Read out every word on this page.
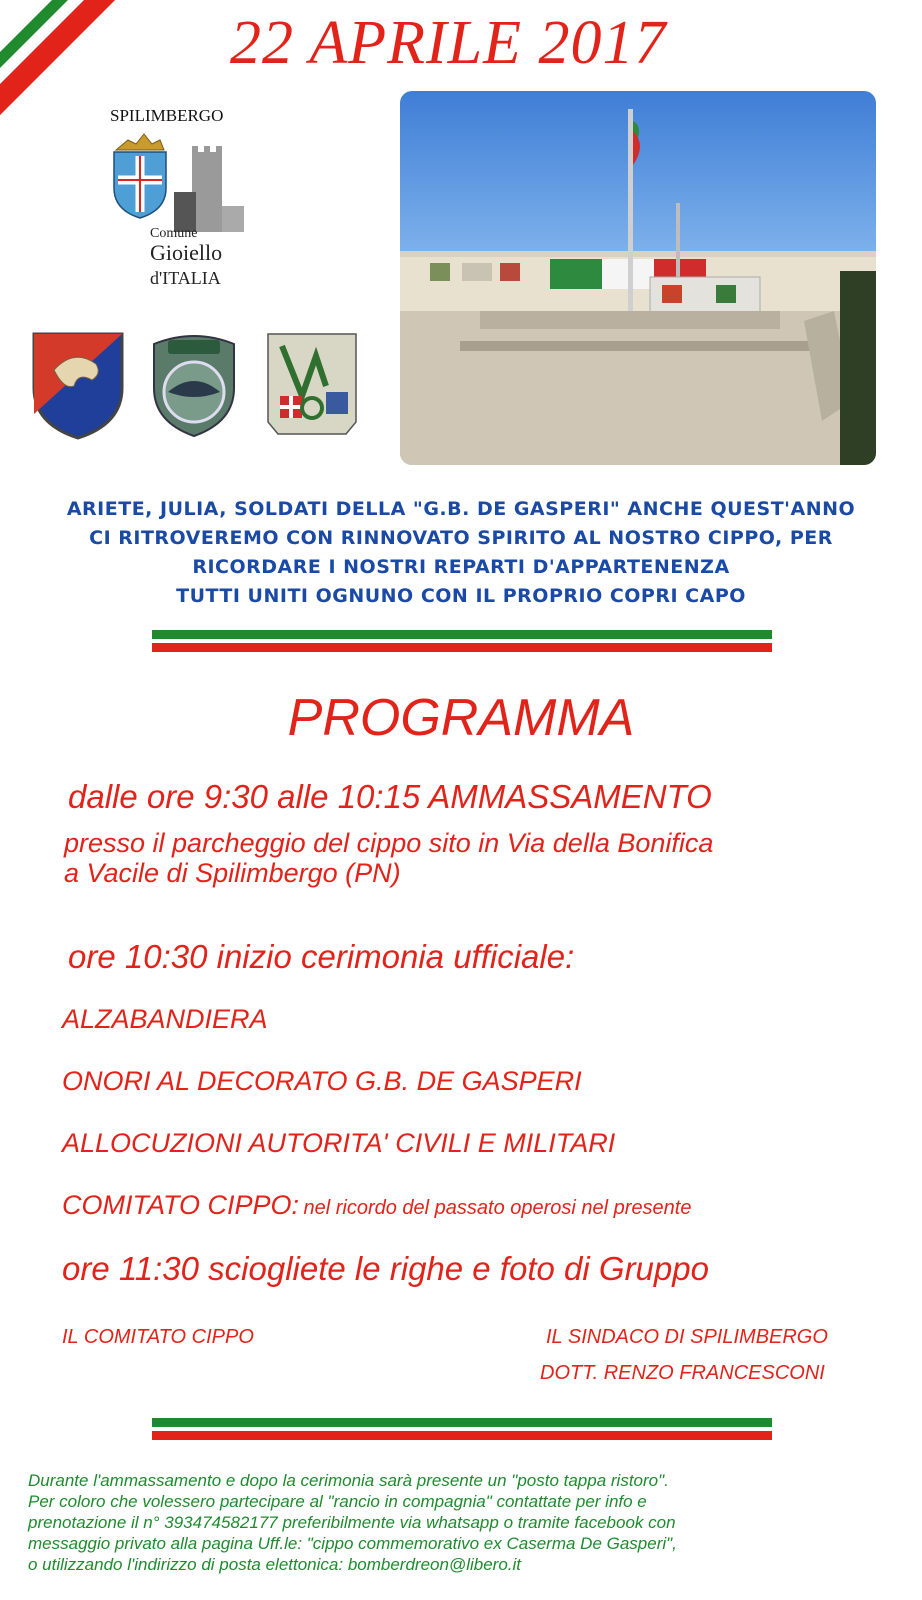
22 APRILE 2017
SPILIMBERGO
Comune
Gioiello
d'ITALIA
ARIETE, JULIA, SOLDATI DELLA "G.B. DE GASPERI" ANCHE QUEST'ANNO
CI RITROVEREMO CON RINNOVATO SPIRITO AL NOSTRO CIPPO, PER
RICORDARE I NOSTRI REPARTI D'APPARTENENZA
TUTTI UNITI OGNUNO CON IL PROPRIO COPRI CAPO
PROGRAMMA
dalle ore 9:30 alle 10:15 AMMASSAMENTO
presso il parcheggio del cippo sito in Via della Bonifica
a Vacile di Spilimbergo (PN)
ore 10:30 inizio cerimonia ufficiale:
ALZABANDIERA
ONORI AL DECORATO G.B. DE GASPERI
ALLOCUZIONI AUTORITA' CIVILI E MILITARI
COMITATO CIPPO: nel ricordo del passato operosi nel presente
ore 11:30 sciogliete le righe e foto di Gruppo
IL COMITATO CIPPO	IL SINDACO DI SPILIMBERGO
DOTT. RENZO FRANCESCONI
Durante l'ammassamento e dopo la cerimonia sarà presente un "posto tappa ristoro".
Per coloro che volessero partecipare al "rancio in compagnia" contattate per info e
prenotazione il n° 393474582177 preferibilmente via whatsapp o tramite facebook con
messaggio privato alla pagina Uff.le: "cippo commemorativo ex Caserma De Gasperi",
o utilizzando l'indirizzo di posta elettonica: bomberdreon@libero.it
